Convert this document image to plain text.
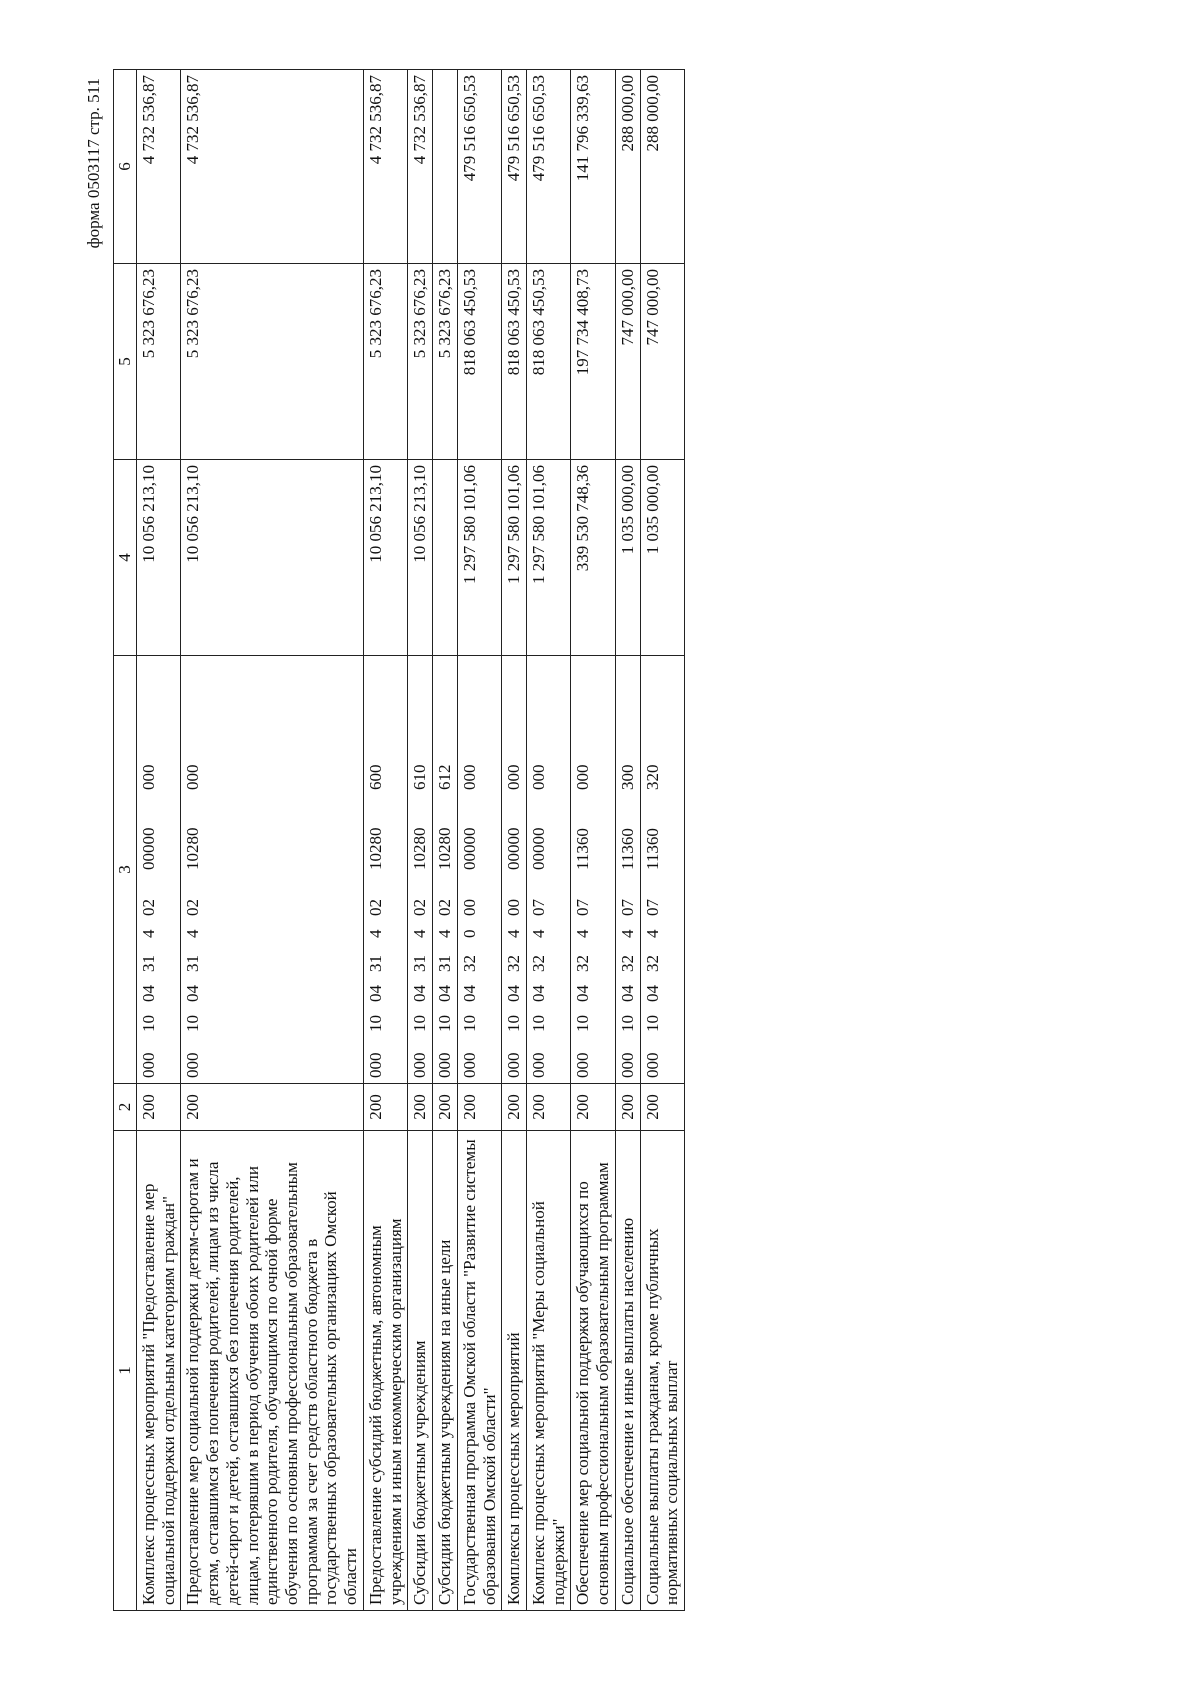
форма 0503117 стр. 511
1	2	3	4	5	6
Комплекс процессных мероприятий "Предоставление мер социальной поддержки отдельным категориям граждан"	200	00010043140200000000	10 056 213,10	5 323 676,23	4 732 536,87
Предоставление мер социальной поддержки детям-сиротам и детям, оставшимся без попечения родителей, лицам из числа детей-сирот и детей, оставшихся без попечения родителей, лицам, потерявшим в период обучения обоих родителей или единственного родителя, обучающимся по очной форме обучения по основным профессиональным образовательным программам за счет средств областного бюджета в государственных образовательных организациях Омской области	200	00010043140210280000	10 056 213,10	5 323 676,23	4 732 536,87
Предоставление субсидий бюджетным, автономным учреждениям и иным некоммерческим организациям	200	00010043140210280600	10 056 213,10	5 323 676,23	4 732 536,87
Субсидии бюджетным учреждениям	200	00010043140210280610	10 056 213,10	5 323 676,23	4 732 536,87
Субсидии бюджетным учреждениям на иные цели	200	00010043140210280612		5 323 676,23	
Государственная программа Омской области "Развитие системы образования Омской области"	200	00010043200000000000	1 297 580 101,06	818 063 450,53	479 516 650,53
Комплексы процессных мероприятий	200	00010043240000000000	1 297 580 101,06	818 063 450,53	479 516 650,53
Комплекс процессных мероприятий "Меры социальной поддержки"	200	00010043240700000000	1 297 580 101,06	818 063 450,53	479 516 650,53
Обеспечение мер социальной поддержки обучающихся по основным профессиональным образовательным программам	200	00010043240711360000	339 530 748,36	197 734 408,73	141 796 339,63
Социальное обеспечение и иные выплаты населению	200	00010043240711360300	1 035 000,00	747 000,00	288 000,00
Социальные выплаты гражданам, кроме публичных нормативных социальных выплат	200	00010043240711360320	1 035 000,00	747 000,00	288 000,00
